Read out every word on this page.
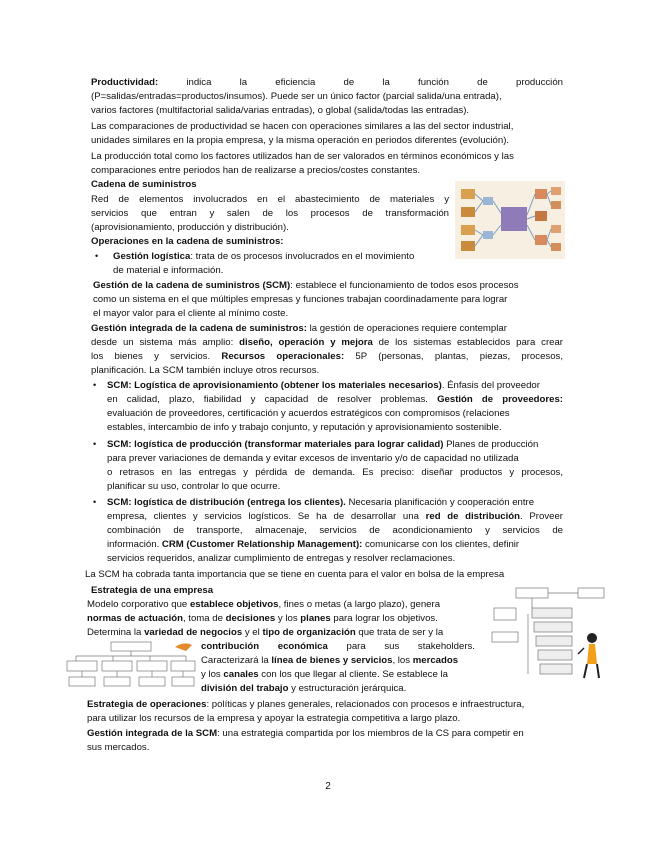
Productividad:	indica la eficiencia de la función de producción

(P=salidas/entradas=productos/insumos). Puede ser un único factor (parcial salida/una entrada),

varios factores (multifactorial salida/varias entradas), o global (salida/todas las entradas).

Las comparaciones de productividad se hacen con operaciones similares a las del sector industrial,

unidades similares en la propia empresa, y la misma operación en periodos diferentes (evolución).

La producción total como los factores utilizados han de ser valorados en términos económicos y las

comparaciones entre periodos han de realizarse a precios/costes constantes.

Cadena de suministros

Red de elementos involucrados en el abastecimiento de materiales y

servicios que entran y salen de los procesos de transformación

(aprovisionamiento, producción y distribución).

Operaciones en la cadena de suministros:

• Gestión logística: trata de os procesos involucrados en el movimiento

de material e información.

Gestión de la cadena de suministros (SCM): establece el funcionamiento de todos esos procesos

como un sistema en el que múltiples empresas y funciones trabajan coordinadamente para lograr

el mayor valor para el cliente al mínimo coste.

Gestión integrada de la cadena de suministros: la gestión de operaciones requiere contemplar

desde un sistema más amplio: diseño, operación y mejora de los sistemas establecidos para crear

los bienes y servicios. Recursos operacionales: 5P (personas, plantas, piezas, procesos,

planificación. La SCM también incluye otros recursos.

• SCM: Logística de aprovisionamiento (obtener los materiales necesarios). Énfasis del proveedor

en calidad, plazo, fiabilidad y capacidad de resolver problemas. Gestión de proveedores:

evaluación de proveedores, certificación y acuerdos estratégicos con compromisos (relaciones

estables, intercambio de info y trabajo conjunto, y reputación y aprovisionamiento sostenible.

• SCM: logística de producción (transformar materiales para lograr calidad) Planes de producción

para prever variaciones de demanda y evitar excesos de inventario y/o de capacidad no utilizada

o retrasos en las entregas y pérdida de demanda. Es preciso: diseñar productos y procesos,

planificar su uso, controlar lo que ocurre.

• SCM: logística de distribución (entrega los clientes). Necesaria planificación y cooperación entre

empresa, clientes y servicios logísticos. Se ha de desarrollar una red de distribución. Proveer

combinación de transporte, almacenaje, servicios de acondicionamiento y servicios de

información. CRM (Customer Relationship Management): comunicarse con los clientes, definir

servicios requeridos, analizar cumplimiento de entregas y resolver reclamaciones.

La SCM ha cobrada tanta importancia que se tiene en cuenta para el valor en bolsa de la empresa

Estrategia de una empresa

Modelo corporativo que establece objetivos, fines o metas (a largo plazo), genera

normas de actuación, toma de decisiones y los planes para lograr los objetivos.

Determina la variedad de negocios y el tipo de organización que trata de ser y la

contribución económica para sus stakeholders.

Caracterizará la línea de bienes y servicios, los mercados

y los canales con los que llegar al cliente. Se establece la

división del trabajo y estructuración jerárquica.

Estrategia de operaciones: políticas y planes generales, relacionados con procesos e infraestructura,

para utilizar los recursos de la empresa y apoyar la estrategia competitiva a largo plazo.

Gestión integrada de la SCM: una estrategia compartida por los miembros de la CS para competir en

sus mercados.

2
